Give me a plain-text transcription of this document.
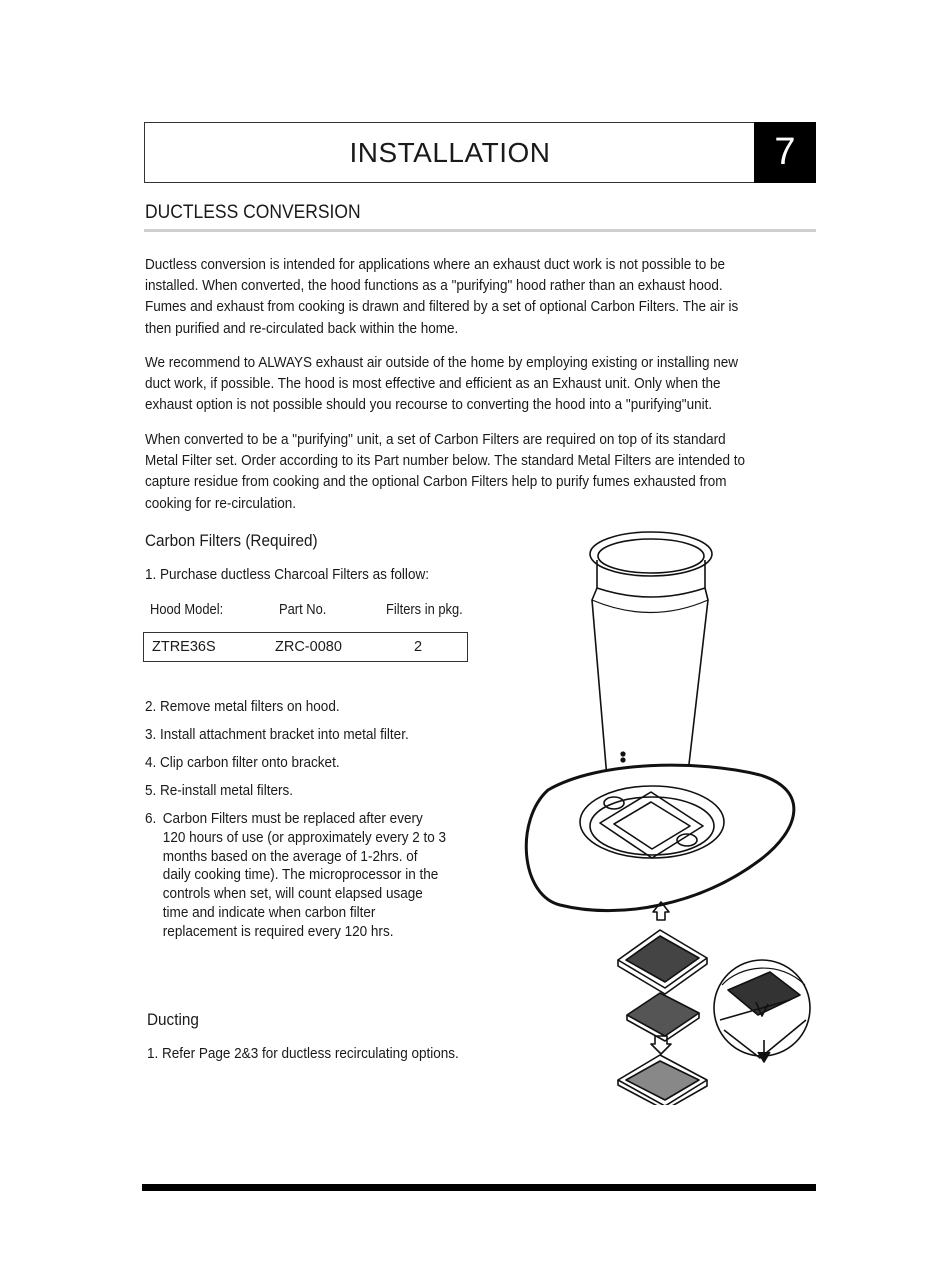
INSTALLATION	7
DUCTLESS CONVERSION

Ductless conversion is intended for applications where an exhaust duct work is not possible to be installed. When converted, the hood functions as a "purifying" hood rather than an exhaust hood. Fumes and exhaust from cooking is drawn and filtered by a set of optional Carbon Filters. The air is then purified and re-circulated back within the home.

We recommend to ALWAYS exhaust air outside of the home by employing existing or installing new duct work, if possible. The hood is most effective and efficient as an Exhaust unit. Only when the exhaust option is not possible should you recourse to converting the hood into a "purifying"unit.

When converted to be a "purifying" unit, a set of Carbon Filters are required on top of its standard Metal Filter set. Order according to its Part number below. The standard Metal Filters are intended to capture residue from cooking and the optional Carbon Filters help to purify fumes exhausted from cooking for re-circulation.

Carbon Filters (Required)
1. Purchase ductless Charcoal Filters as follow:
Hood Model:	Part No.	Filters in pkg.
ZTRE36S	ZRC-0080	2
2. Remove metal filters on hood.
3. Install attachment bracket into metal filter.
4. Clip carbon filter onto bracket.
5. Re-install metal filters.
6. Carbon Filters must be replaced after every 120 hours of use (or approximately every 2 to 3 months based on the average of 1-2hrs. of daily cooking time). The microprocessor in the controls when set, will count elapsed usage time and indicate when carbon filter replacement is required every 120 hrs.
Ducting
1. Refer Page 2&3 for ductless recirculating options.
